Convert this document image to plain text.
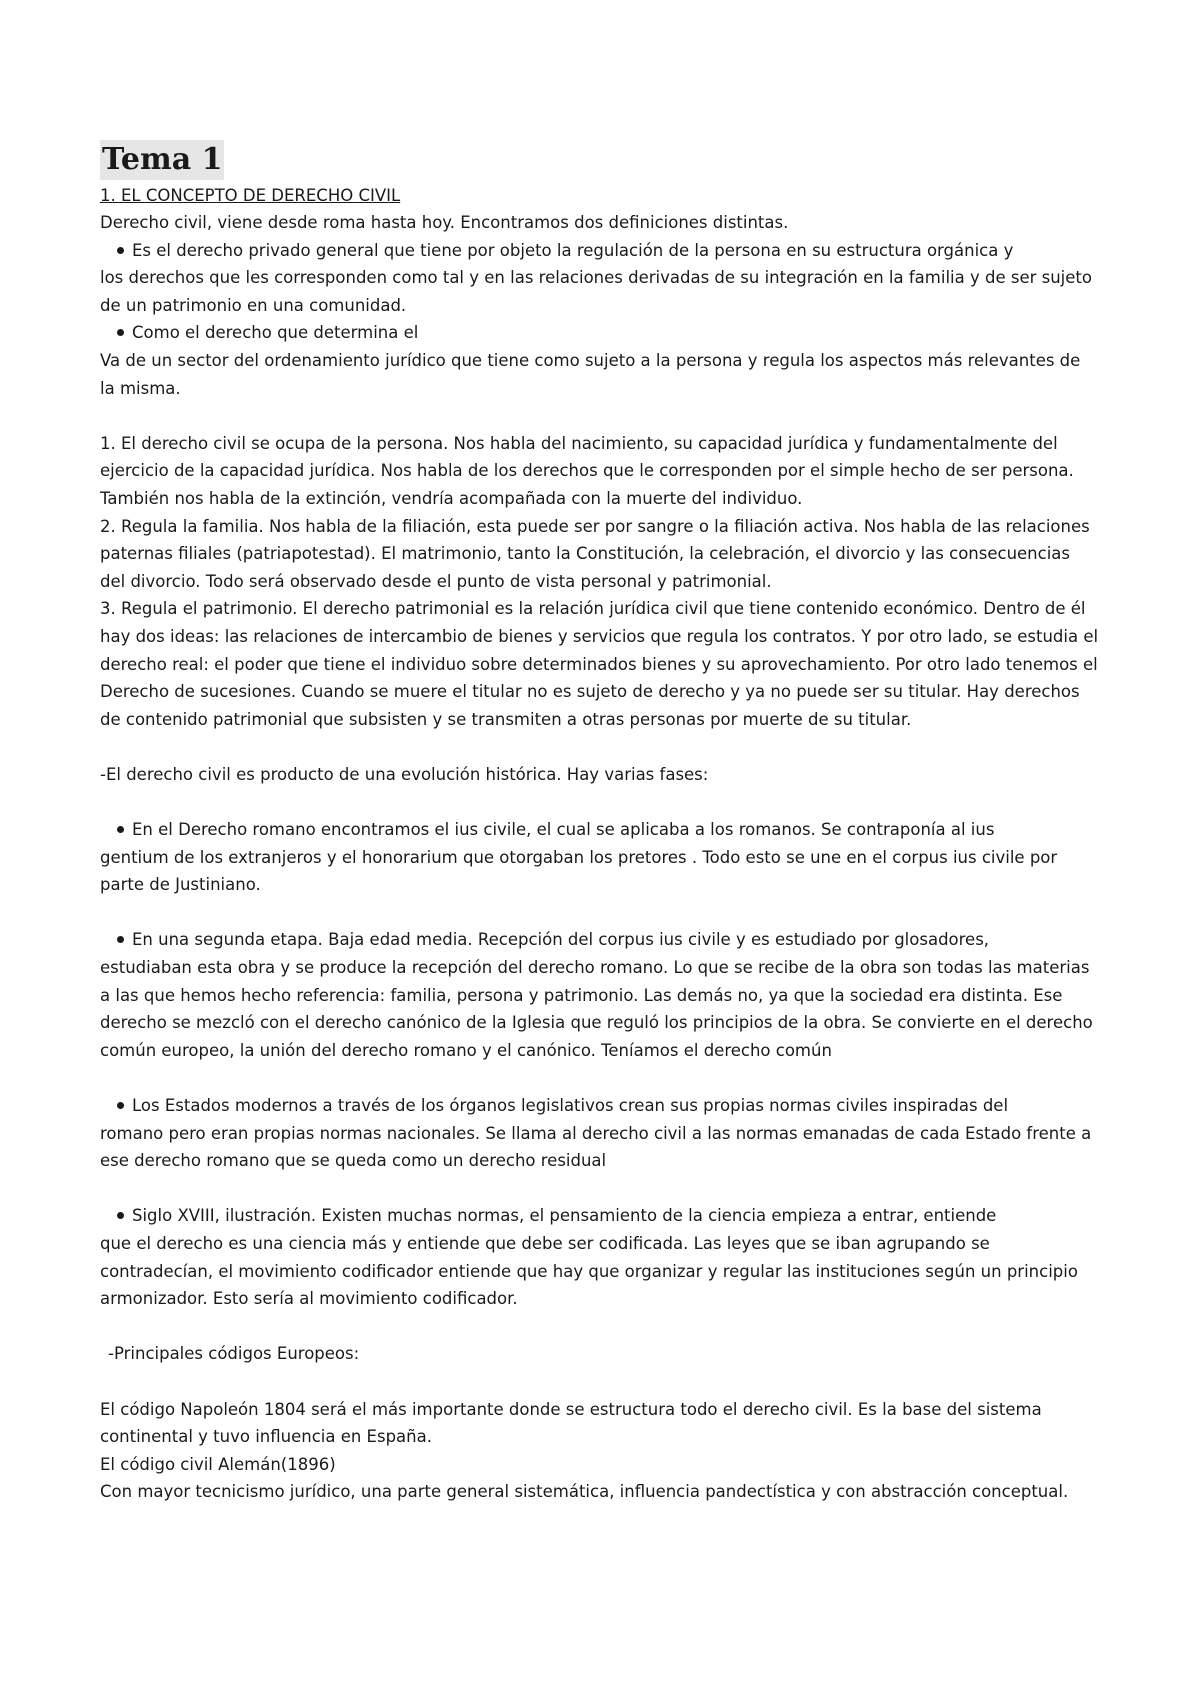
Tema 1

1. EL CONCEPTO DE DERECHO CIVIL

Derecho civil, viene desde roma hasta hoy. Encontramos dos definiciones distintas.

Es el derecho privado general que tiene por objeto la regulación de la persona en su estructura orgánica y

los derechos que les corresponden como tal y en las relaciones derivadas de su integración en la familia y de ser sujeto de un patrimonio en una comunidad.

Como el derecho que determina el

Va de un sector del ordenamiento jurídico que tiene como sujeto a la persona y regula los aspectos más relevantes de la misma.

1. El derecho civil se ocupa de la persona. Nos habla del nacimiento, su capacidad jurídica y fundamentalmente del ejercicio de la capacidad jurídica. Nos habla de los derechos que le corresponden por el simple hecho de ser persona. También nos habla de la extinción, vendría acompañada con la muerte del individuo.

2. Regula la familia. Nos habla de la filiación, esta puede ser por sangre o la filiación activa. Nos habla de las relaciones paternas filiales (patriapotestad). El matrimonio, tanto la Constitución, la celebración, el divorcio y las consecuencias del divorcio. Todo será observado desde el punto de vista personal y patrimonial.

3. Regula el patrimonio. El derecho patrimonial es la relación jurídica civil que tiene contenido económico. Dentro de él hay dos ideas: las relaciones de intercambio de bienes y servicios que regula los contratos. Y por otro lado, se estudia el derecho real: el poder que tiene el individuo sobre determinados bienes y su aprovechamiento. Por otro lado tenemos el Derecho de sucesiones. Cuando se muere el titular no es sujeto de derecho y ya no puede ser su titular. Hay derechos de contenido patrimonial que subsisten y se transmiten a otras personas por muerte de su titular.

-El derecho civil es producto de una evolución histórica. Hay varias fases:

En el Derecho romano encontramos el ius civile, el cual se aplicaba a los romanos. Se contraponía al ius

gentium de los extranjeros y el honorarium que otorgaban los pretores . Todo esto se une en el corpus ius civile por parte de Justiniano.

En una segunda etapa. Baja edad media. Recepción del corpus ius civile y es estudiado por glosadores,

estudiaban esta obra y se produce la recepción del derecho romano. Lo que se recibe de la obra son todas las materias a las que hemos hecho referencia: familia, persona y patrimonio. Las demás no, ya que la sociedad era distinta. Ese derecho se mezcló con el derecho canónico de la Iglesia que reguló los principios de la obra. Se convierte en el derecho común europeo, la unión del derecho romano y el canónico. Teníamos el derecho común

Los Estados modernos a través de los órganos legislativos crean sus propias normas civiles inspiradas del

romano pero eran propias normas nacionales. Se llama al derecho civil a las normas emanadas de cada Estado frente a ese derecho romano que se queda como un derecho residual

Siglo XVIII, ilustración. Existen muchas normas, el pensamiento de la ciencia empieza a entrar, entiende

que el derecho es una ciencia más y entiende que debe ser codificada. Las leyes que se iban agrupando se contradecían, el movimiento codificador entiende que hay que organizar y regular las instituciones según un principio armonizador. Esto sería al movimiento codificador.

-Principales códigos Europeos:

El código Napoleón 1804 será el más importante donde se estructura todo el derecho civil. Es la base del sistema continental y tuvo influencia en España.

El código civil Alemán(1896)

Con mayor tecnicismo jurídico, una parte general sistemática, influencia pandectística y con abstracción conceptual.
